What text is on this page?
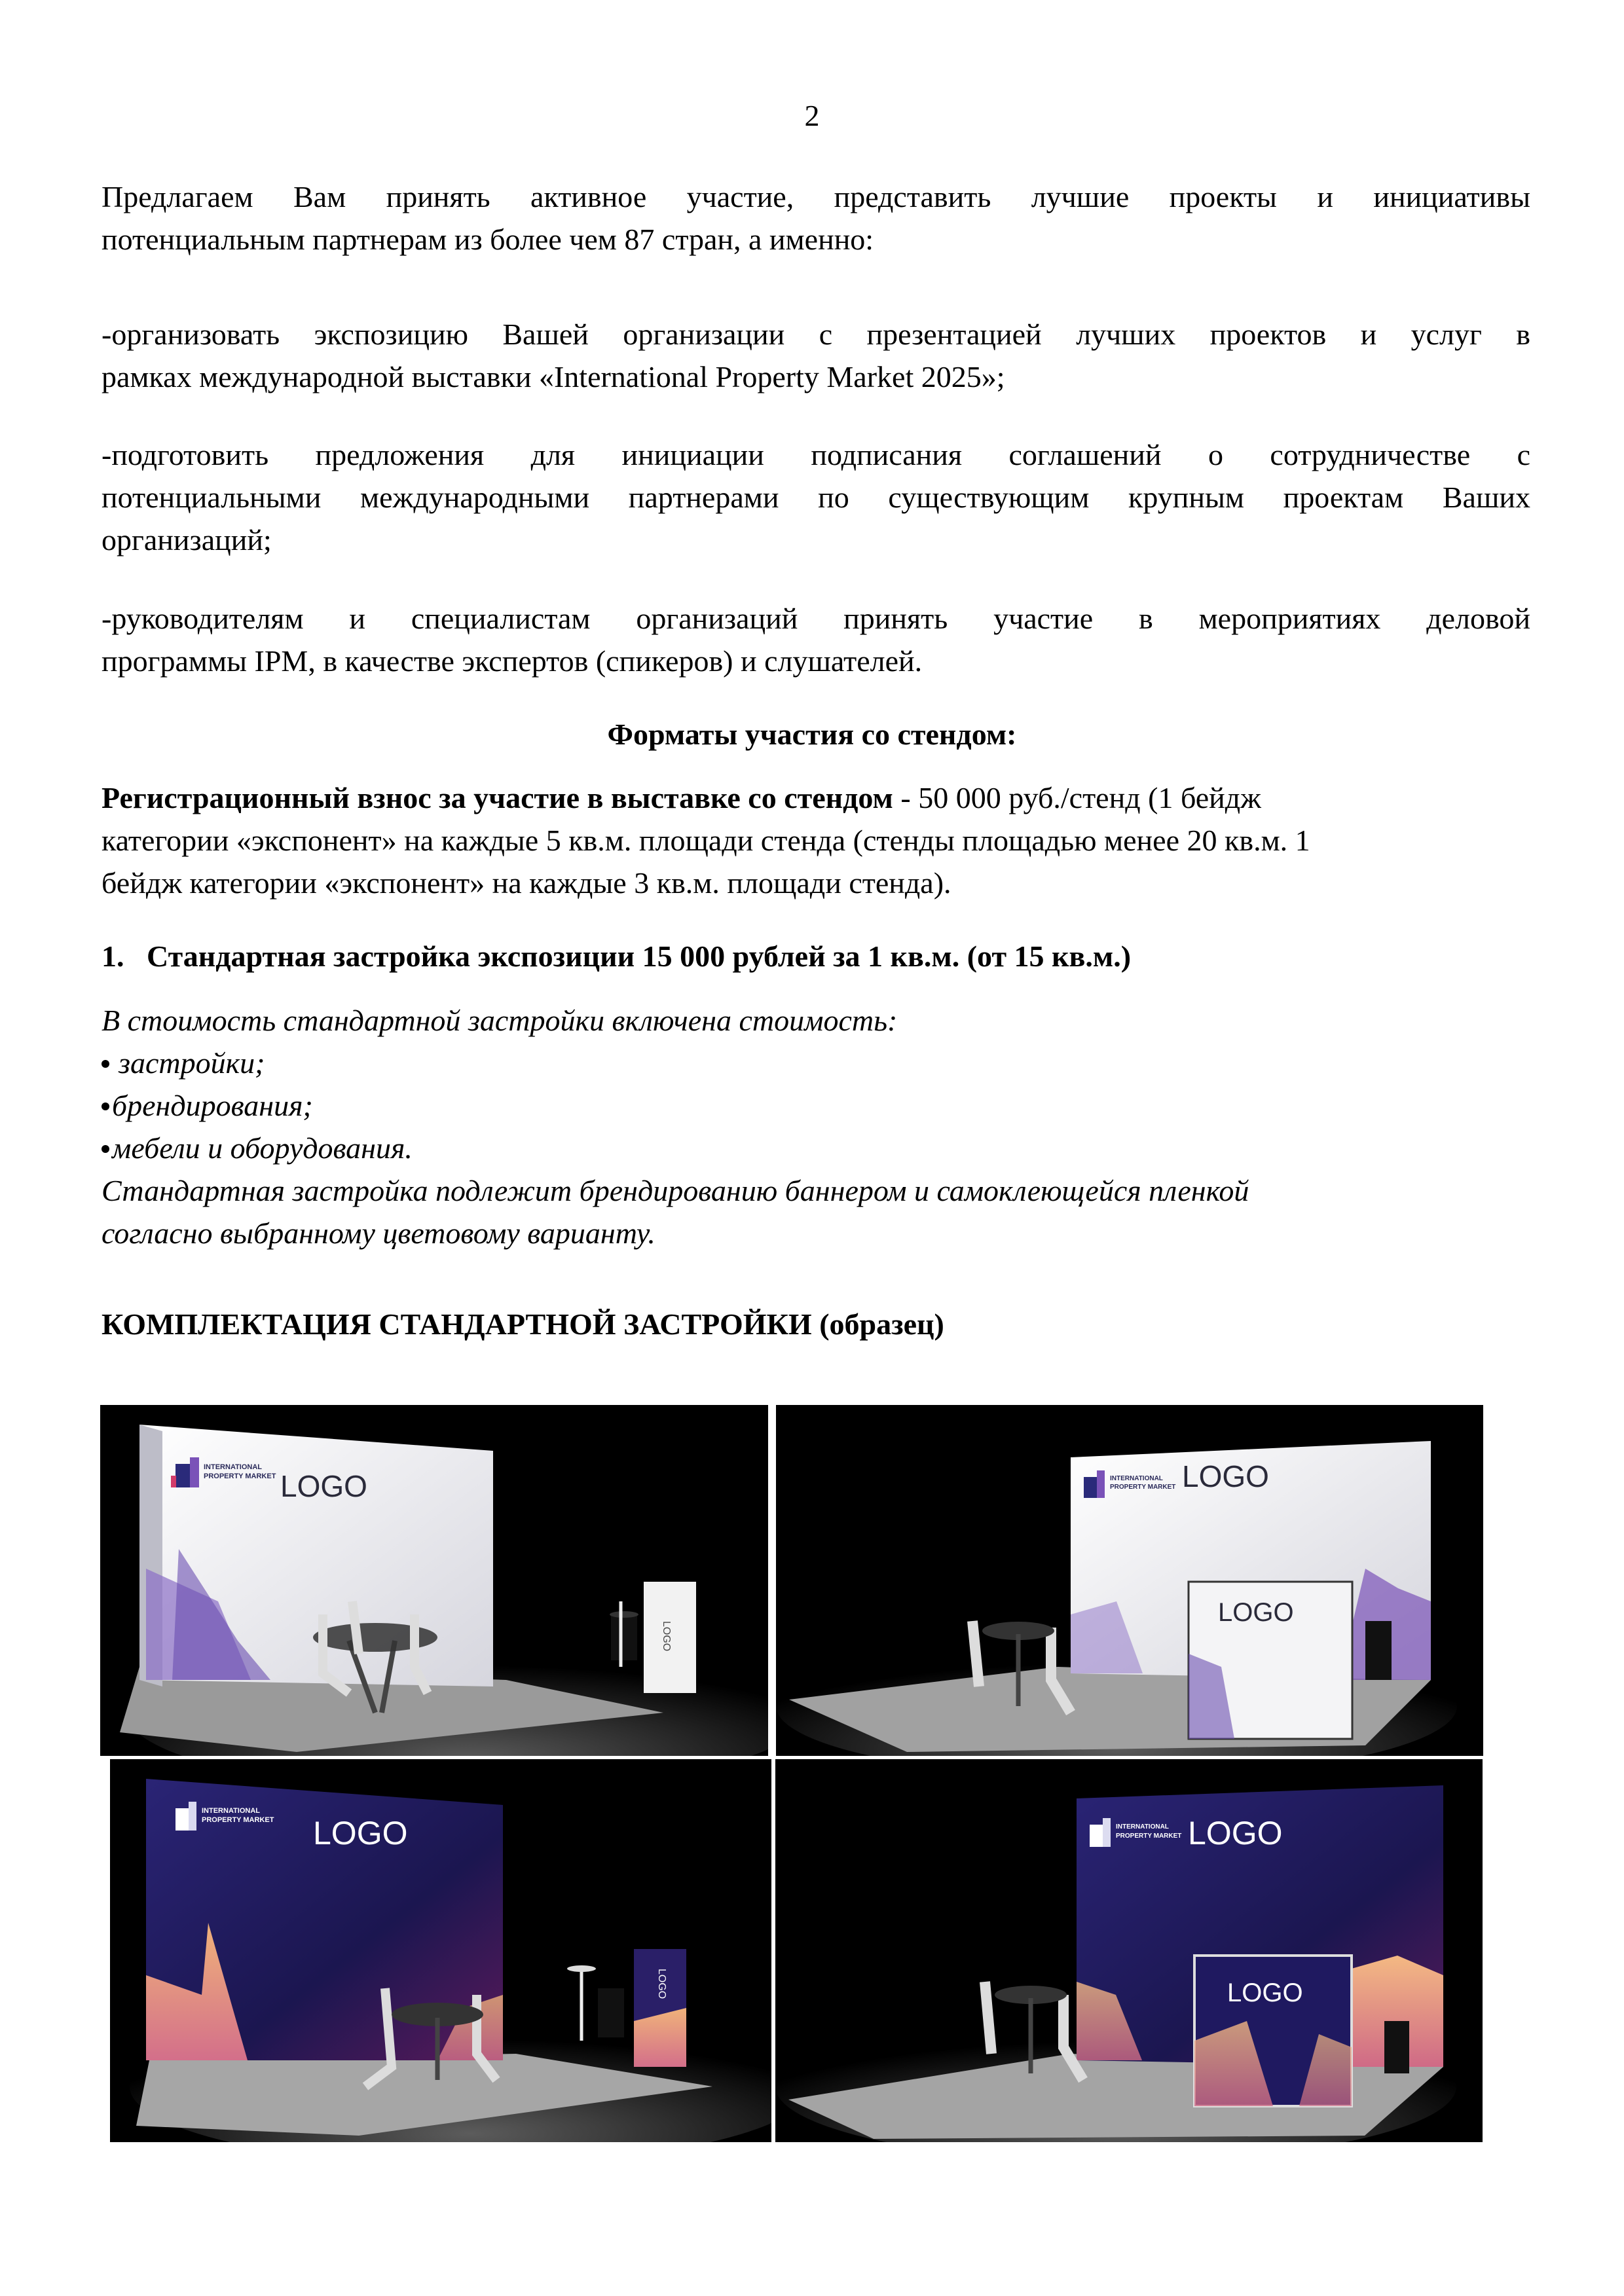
2
Предлагаем Вам принять активное участие, представить лучшие проекты и инициативы
потенциальным партнерам из более чем 87 стран, а именно:
-организовать экспозицию Вашей организации с презентацией лучших проектов и услуг в
рамках международной выставки «International Property Market 2025»;
-подготовить предложения для инициации подписания соглашений о сотрудничестве с
потенциальными международными партнерами по существующим крупным проектам Ваших
организаций;
-руководителям и специалистам организаций принять участие в мероприятиях деловой
программы IPM, в качестве экспертов (спикеров) и слушателей.
Форматы участия со стендом:
Регистрационный взнос за участие в выставке со стендом - 50 000 руб./стенд (1 бейдж
категории «экспонент» на каждые 5 кв.м. площади стенда (стенды площадью менее 20 кв.м. 1
бейдж категории «экспонент» на каждые 3 кв.м. площади стенда).
1.   Стандартная застройка экспозиции 15 000 рублей за 1 кв.м. (от 15 кв.м.)
В стоимость стандартной застройки включена стоимость:
застройки;
брендирования;
мебели и оборудования.
Стандартная застройка подлежит брендированию баннером и самоклеющейся пленкой
согласно выбранному цветовому варианту.
КОМПЛЕКТАЦИЯ СТАНДАРТНОЙ ЗАСТРОЙКИ (образец)
INTERNATIONAL
PROPERTY MARKET LOGO
LOGO
INTERNATIONAL
PROPERTY MARKET LOGO
LOGO
INTERNATIONAL
PROPERTY MARKET LOGO
LOGO
INTERNATIONAL
PROPERTY MARKET LOGO
LOGO
